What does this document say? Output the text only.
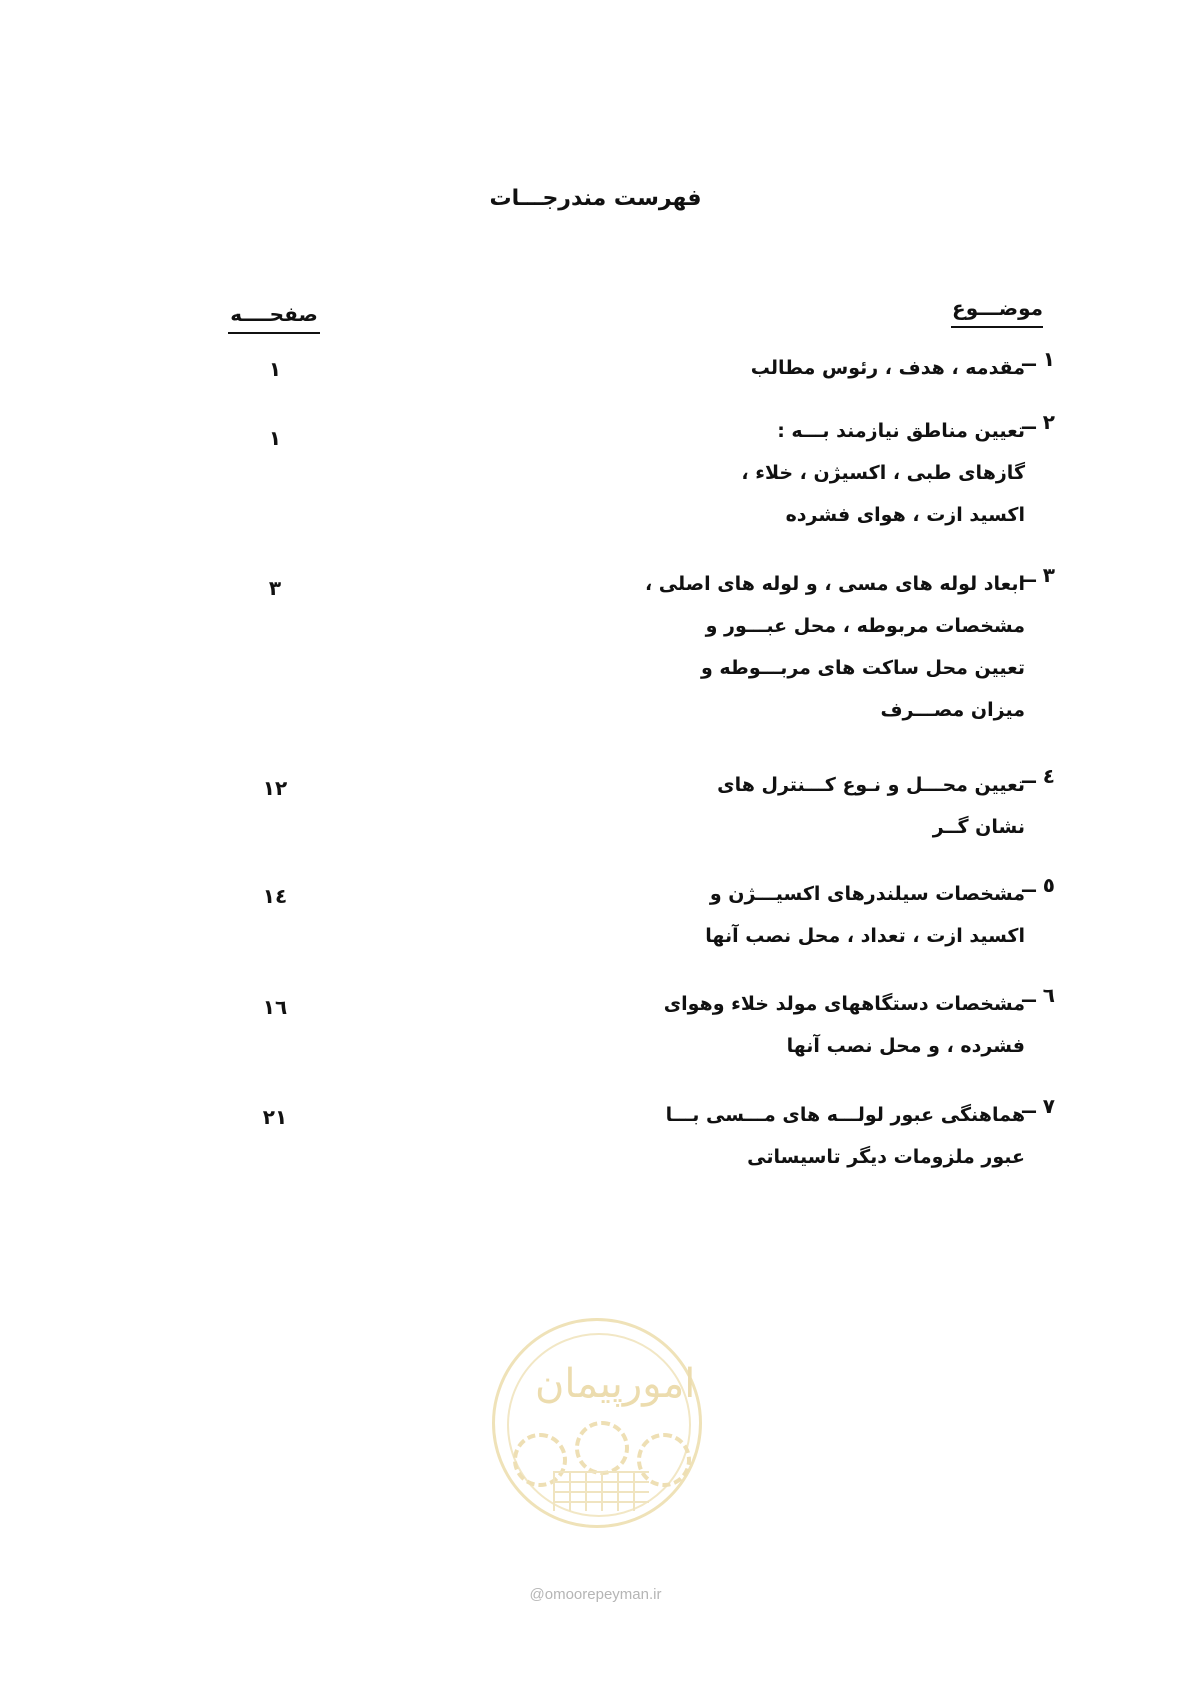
فهرست مندرجـــات
موضـــوع
صفحــــه
۱ ــ
مقدمه ، هدف ، رئوس مطالب
۱
۲ ــ
تعیین مناطق نیازمند بـــه :
گازهای طبی ، اکسیژن ، خلاء ،
اکسید ازت ، هوای فشرده
۱
۳ ــ
ابعاد لوله های مسی ، و لوله های اصلی ،
مشخصات مربوطه ، محل عبـــور و
تعیین محل ساکت های مربـــوطه و
میزان مصـــرف
۳
٤ ــ
تعیین محـــل و نـوع کـــنترل های
نشان گــر
۱۲
٥ ــ
مشخصات سیلندرهای اکسیـــژن و
اکسید ازت ، تعداد ، محل نصب آنها
۱٤
٦ ــ
مشخصات دستگاههای مولد خلاء وهوای
فشرده ، و محل نصب آنها
۱٦
۷ ــ
هماهنگی عبور لولـــه های مـــسی بـــا
عبور ملزومات دیگر تاسیساتی
۲۱
امورپیمان
@omoorepeyman.ir
